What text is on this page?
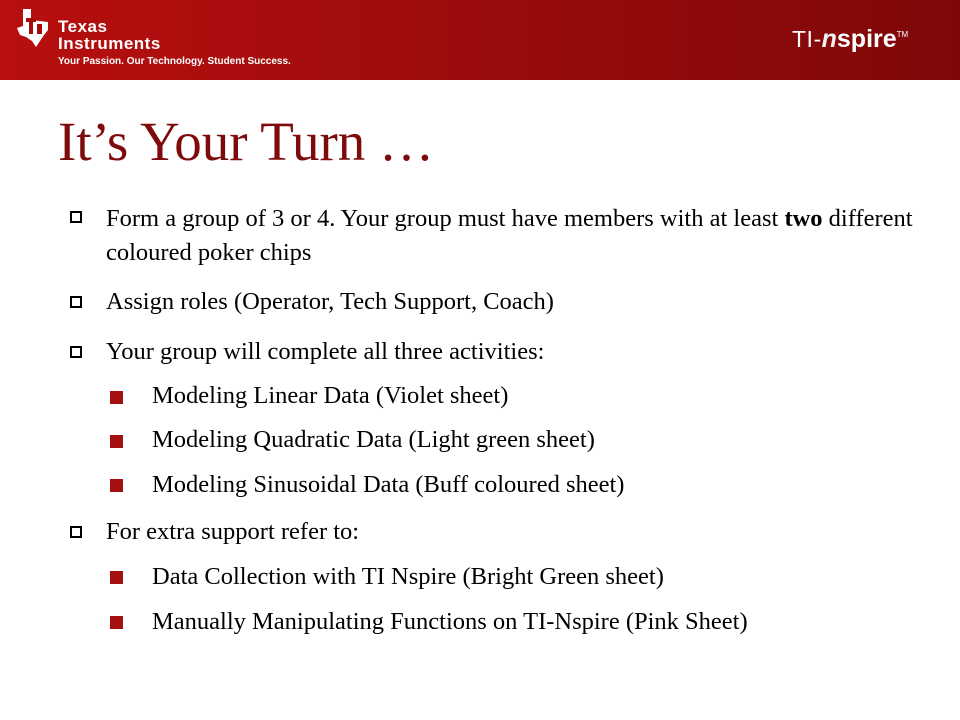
Texas
Instruments
Your Passion. Our Technology. Student Success.
TI-nspire™
It’s Your Turn …
Form a group of 3 or 4. Your group must have members with at least two different coloured poker chips
Assign roles (Operator, Tech Support, Coach)
Your group will complete all three activities:
Modeling Linear Data (Violet sheet)
Modeling Quadratic Data (Light green sheet)
Modeling Sinusoidal Data (Buff coloured sheet)
For extra support refer to:
Data Collection with TI Nspire (Bright Green sheet)
Manually Manipulating Functions on TI-Nspire (Pink Sheet)
